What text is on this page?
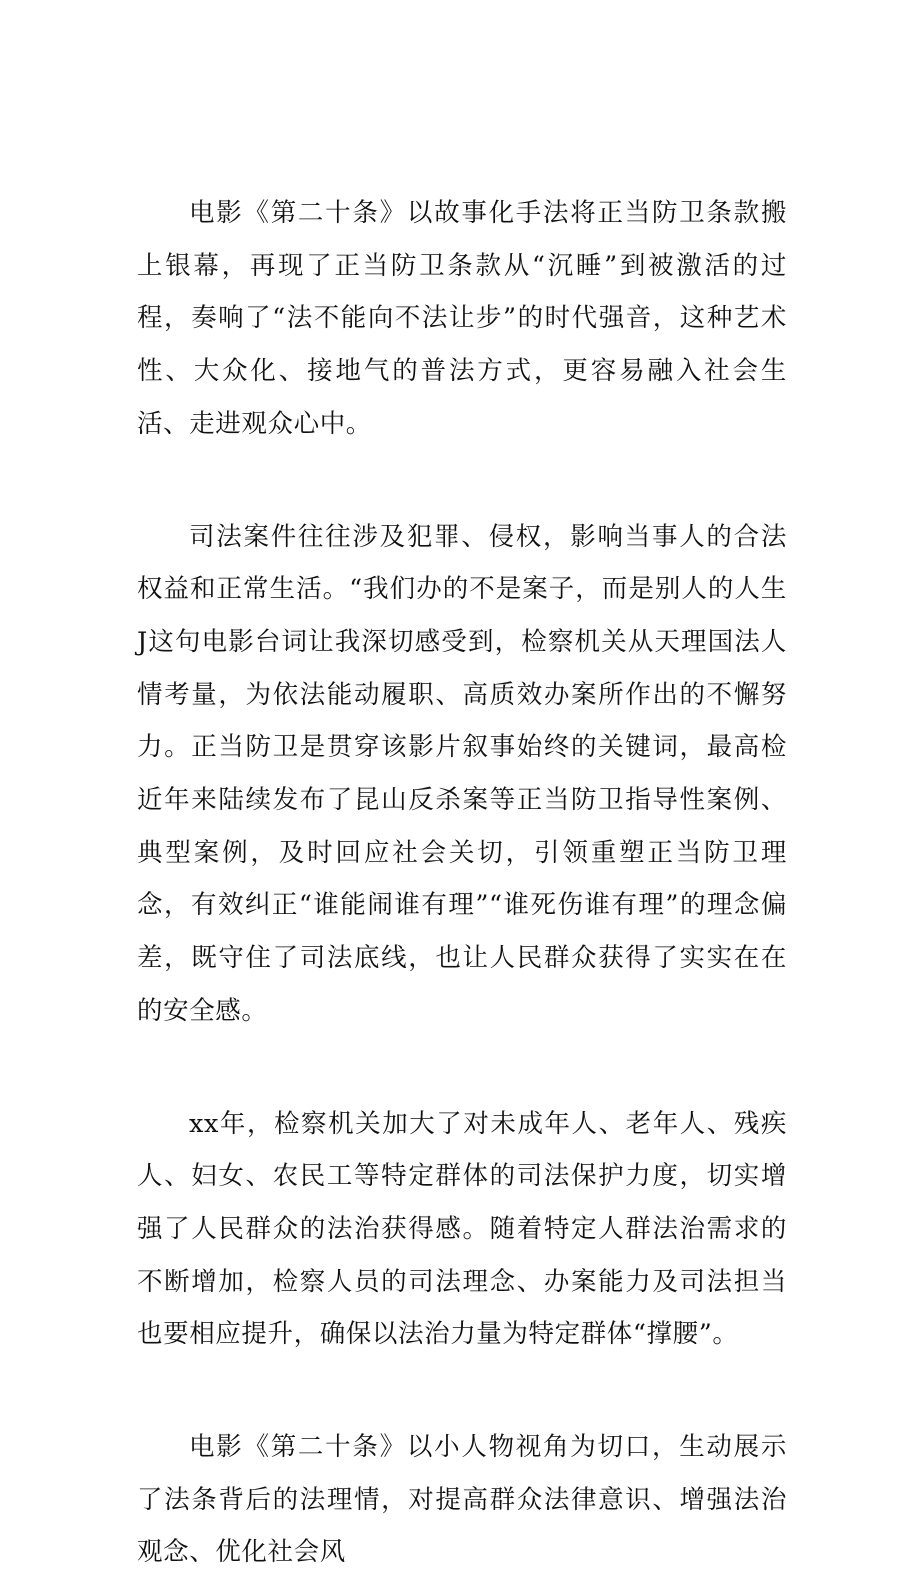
电影《第二十条》以故事化手法将正当防卫条款搬上银幕，再现了正当防卫条款从“沉睡”到被激活的过程，奏响了“法不能向不法让步”的时代强音，这种艺术性、大众化、接地气的普法方式，更容易融入社会生活、走进观众心中。

司法案件往往涉及犯罪、侵权，影响当事人的合法权益和正常生活。“我们办的不是案子，而是别人的人生J这句电影台词让我深切感受到，检察机关从天理国法人情考量，为依法能动履职、高质效办案所作出的不懈努力。正当防卫是贯穿该影片叙事始终的关键词，最高检近年来陆续发布了昆山反杀案等正当防卫指导性案例、典型案例，及时回应社会关切，引领重塑正当防卫理念，有效纠正“谁能闹谁有理”“谁死伤谁有理”的理念偏差，既守住了司法底线，也让人民群众获得了实实在在的安全感。

xx年，检察机关加大了对未成年人、老年人、残疾人、妇女、农民工等特定群体的司法保护力度，切实增强了人民群众的法治获得感。随着特定人群法治需求的不断增加，检察人员的司法理念、办案能力及司法担当也要相应提升，确保以法治力量为特定群体“撑腰”。

电影《第二十条》以小人物视角为切口，生动展示了法条背后的法理情，对提高群众法律意识、增强法治观念、优化社会风
